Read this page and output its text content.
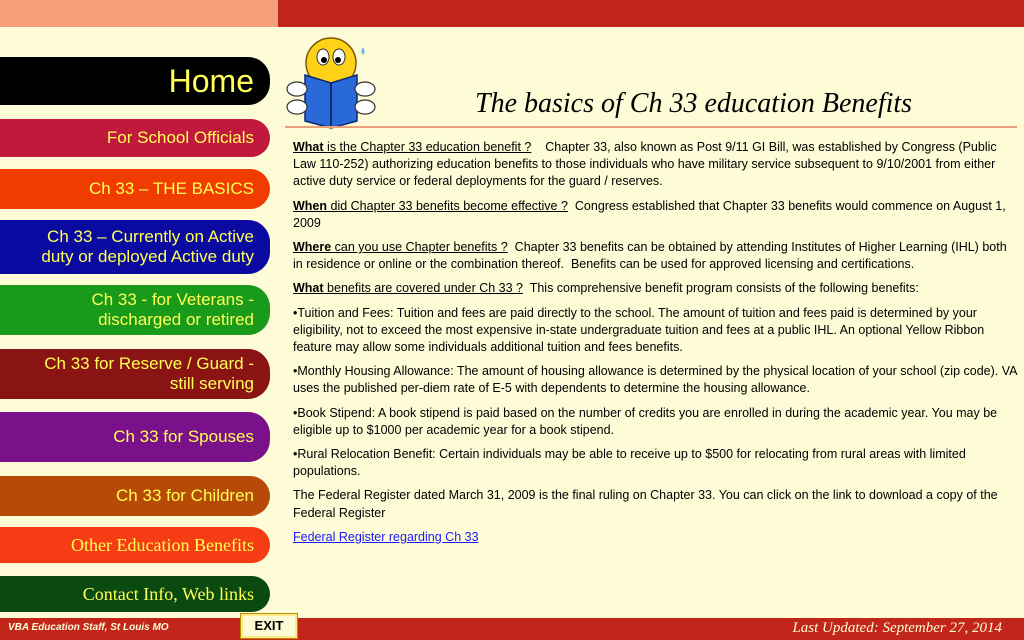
Home
For School Officials
Ch 33 – THE BASICS
Ch 33 – Currently on Active
duty or deployed Active duty
Ch 33 - for Veterans -
discharged or retired
Ch 33 for Reserve / Guard -
still serving
Ch 33 for Spouses
Ch 33 for Children
Other Education Benefits
Contact Info, Web links
The basics of Ch 33 education Benefits

What is the Chapter 33 education benefit ?    Chapter 33, also known as Post 9/11 GI Bill, was established by Congress (Public Law 110-252) authorizing education benefits to those individuals who have military service subsequent to 9/10/2001 from either active duty service or federal deployments for the guard / reserves.

When did Chapter 33 benefits become effective ?  Congress established that Chapter 33 benefits would commence on August 1, 2009

Where can you use Chapter benefits ?  Chapter 33 benefits can be obtained by attending Institutes of Higher Learning (IHL) both in residence or online or the combination thereof.  Benefits can be used for approved licensing and certifications.

What benefits are covered under Ch 33 ?  This comprehensive benefit program consists of the following benefits:

•Tuition and Fees: Tuition and fees are paid directly to the school. The amount of tuition and fees paid is determined by your eligibility, not to exceed the most expensive in-state undergraduate tuition and fees at a public IHL. An optional Yellow Ribbon feature may allow some individuals additional tuition and fees benefits.

•Monthly Housing Allowance: The amount of housing allowance is determined by the physical location of your school (zip code). VA uses the published per-diem rate of E-5 with dependents to determine the housing allowance.

•Book Stipend: A book stipend is paid based on the number of credits you are enrolled in during the academic year. You may be eligible up to $1000 per academic year for a book stipend.

•Rural Relocation Benefit: Certain individuals may be able to receive up to $500 for relocating from rural areas with limited populations.

The Federal Register dated March 31, 2009 is the final ruling on Chapter 33. You can click on the link to download a copy of the Federal Register

Federal Register regarding Ch 33

VBA Education Staff, St Louis MO	EXIT	Last Updated: September 27, 2014
